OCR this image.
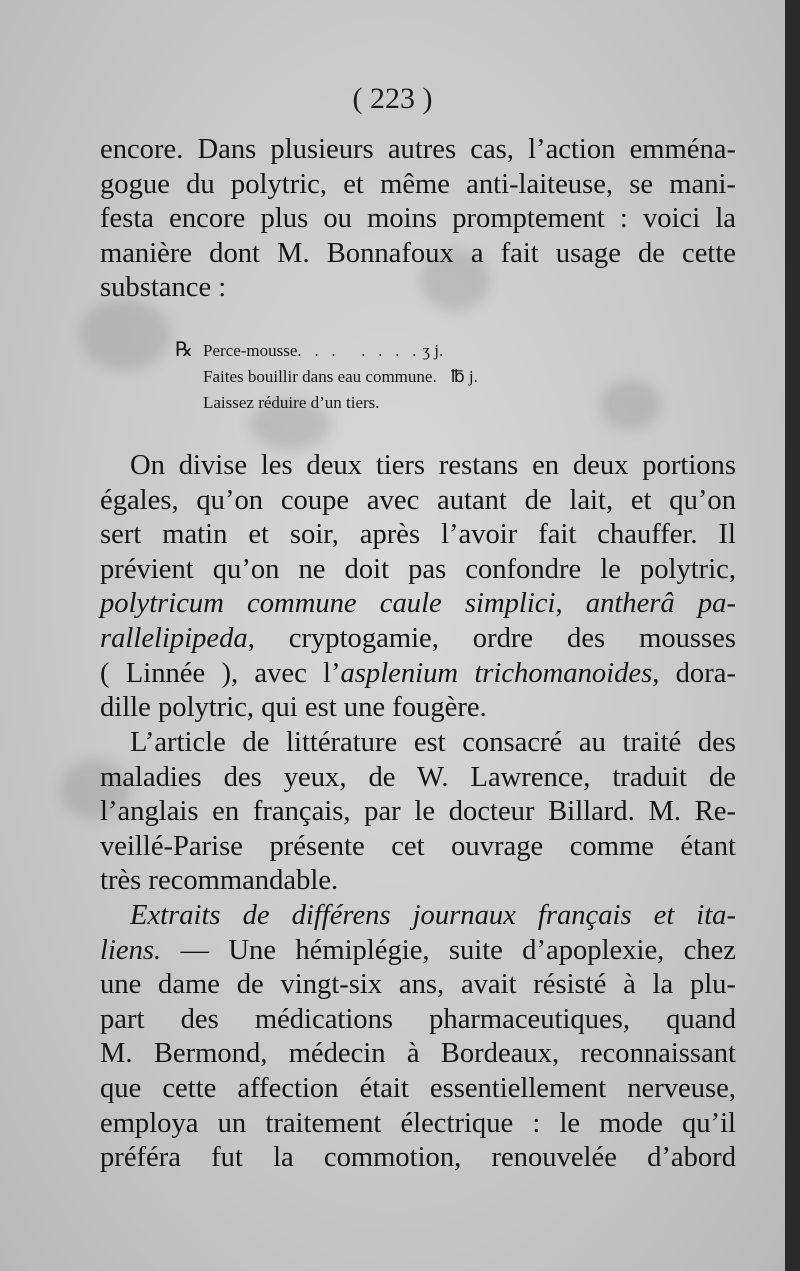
( 223 )
encore. Dans plusieurs autres cas, l’action emména-
gogue du polytric, et même anti-laiteuse, se mani-
festa encore plus ou moins promptement : voici la
manière dont M. Bonnafoux a fait usage de cette
substance :
℞ Perce-mousse.   .   .      .   .   .   . ʒ j.
Faites bouillir dans eau commune. ℔ j.
Laissez réduire d’un tiers.
On divise les deux tiers restans en deux portions
égales, qu’on coupe avec autant de lait, et qu’on
sert matin et soir, après l’avoir fait chauffer. Il
prévient qu’on ne doit pas confondre le polytric,
polytricum commune caule simplici, antherâ pa-
rallelipipeda, cryptogamie, ordre des mousses
( Linnée ), avec l’asplenium trichomanoides, dora-
dille polytric, qui est une fougère.
L’article de littérature est consacré au traité des
maladies des yeux, de W. Lawrence, traduit de
l’anglais en français, par le docteur Billard. M. Re-
veillé-Parise présente cet ouvrage comme étant
très recommandable.
Extraits de différens journaux français et ita-
liens. — Une hémiplégie, suite d’apoplexie, chez
une dame de vingt-six ans, avait résisté à la plu-
part des médications pharmaceutiques, quand
M. Bermond, médecin à Bordeaux, reconnaissant
que cette affection était essentiellement nerveuse,
employa un traitement électrique : le mode qu’il
préféra fut la commotion, renouvelée d’abord
